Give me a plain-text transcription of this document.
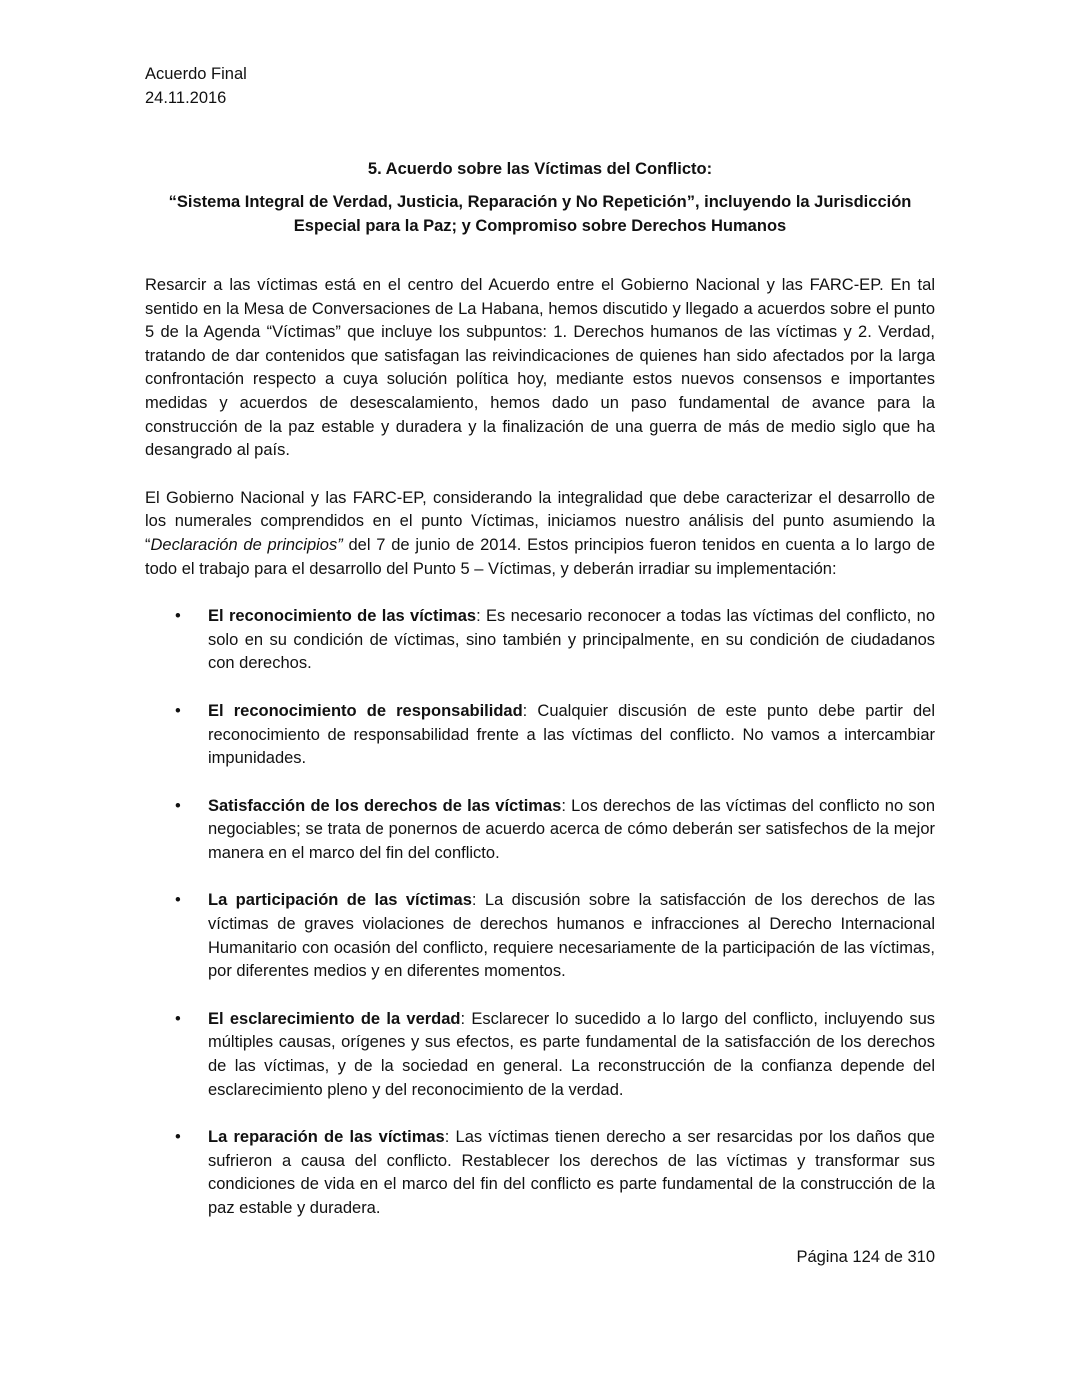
Acuerdo Final

24.11.2016

5. Acuerdo sobre las Víctimas del Conflicto:

“Sistema Integral de Verdad, Justicia, Reparación y No Repetición”, incluyendo la Jurisdicción Especial para la Paz; y Compromiso sobre Derechos Humanos

Resarcir a las víctimas está en el centro del Acuerdo entre el Gobierno Nacional y las FARC-EP. En tal sentido en la Mesa de Conversaciones de La Habana, hemos discutido y llegado a acuerdos sobre el punto 5 de la Agenda “Víctimas” que incluye los subpuntos: 1. Derechos humanos de las víctimas y 2. Verdad, tratando de dar contenidos que satisfagan las reivindicaciones de quienes han sido afectados por la larga confrontación respecto a cuya solución política hoy, mediante estos nuevos consensos e importantes medidas y acuerdos de desescalamiento, hemos dado un paso fundamental de avance para la construcción de la paz estable y duradera y la finalización de una guerra de más de medio siglo que ha desangrado al país.

El Gobierno Nacional y las FARC-EP, considerando la integralidad que debe caracterizar el desarrollo de los numerales comprendidos en el punto Víctimas, iniciamos nuestro análisis del punto asumiendo la “Declaración de principios” del 7 de junio de 2014. Estos principios fueron tenidos en cuenta a lo largo de todo el trabajo para el desarrollo del Punto 5 – Víctimas, y deberán irradiar su implementación:

• El reconocimiento de las víctimas: Es necesario reconocer a todas las víctimas del conflicto, no solo en su condición de víctimas, sino también y principalmente, en su condición de ciudadanos con derechos.
• El reconocimiento de responsabilidad: Cualquier discusión de este punto debe partir del reconocimiento de responsabilidad frente a las víctimas del conflicto. No vamos a intercambiar impunidades.
• Satisfacción de los derechos de las víctimas: Los derechos de las víctimas del conflicto no son negociables; se trata de ponernos de acuerdo acerca de cómo deberán ser satisfechos de la mejor manera en el marco del fin del conflicto.
• La participación de las víctimas: La discusión sobre la satisfacción de los derechos de las víctimas de graves violaciones de derechos humanos e infracciones al Derecho Internacional Humanitario con ocasión del conflicto, requiere necesariamente de la participación de las víctimas, por diferentes medios y en diferentes momentos.
• El esclarecimiento de la verdad: Esclarecer lo sucedido a lo largo del conflicto, incluyendo sus múltiples causas, orígenes y sus efectos, es parte fundamental de la satisfacción de los derechos de las víctimas, y de la sociedad en general. La reconstrucción de la confianza depende del esclarecimiento pleno y del reconocimiento de la verdad.
• La reparación de las víctimas: Las víctimas tienen derecho a ser resarcidas por los daños que sufrieron a causa del conflicto. Restablecer los derechos de las víctimas y transformar sus condiciones de vida en el marco del fin del conflicto es parte fundamental de la construcción de la paz estable y duradera.
Página 124 de 310
